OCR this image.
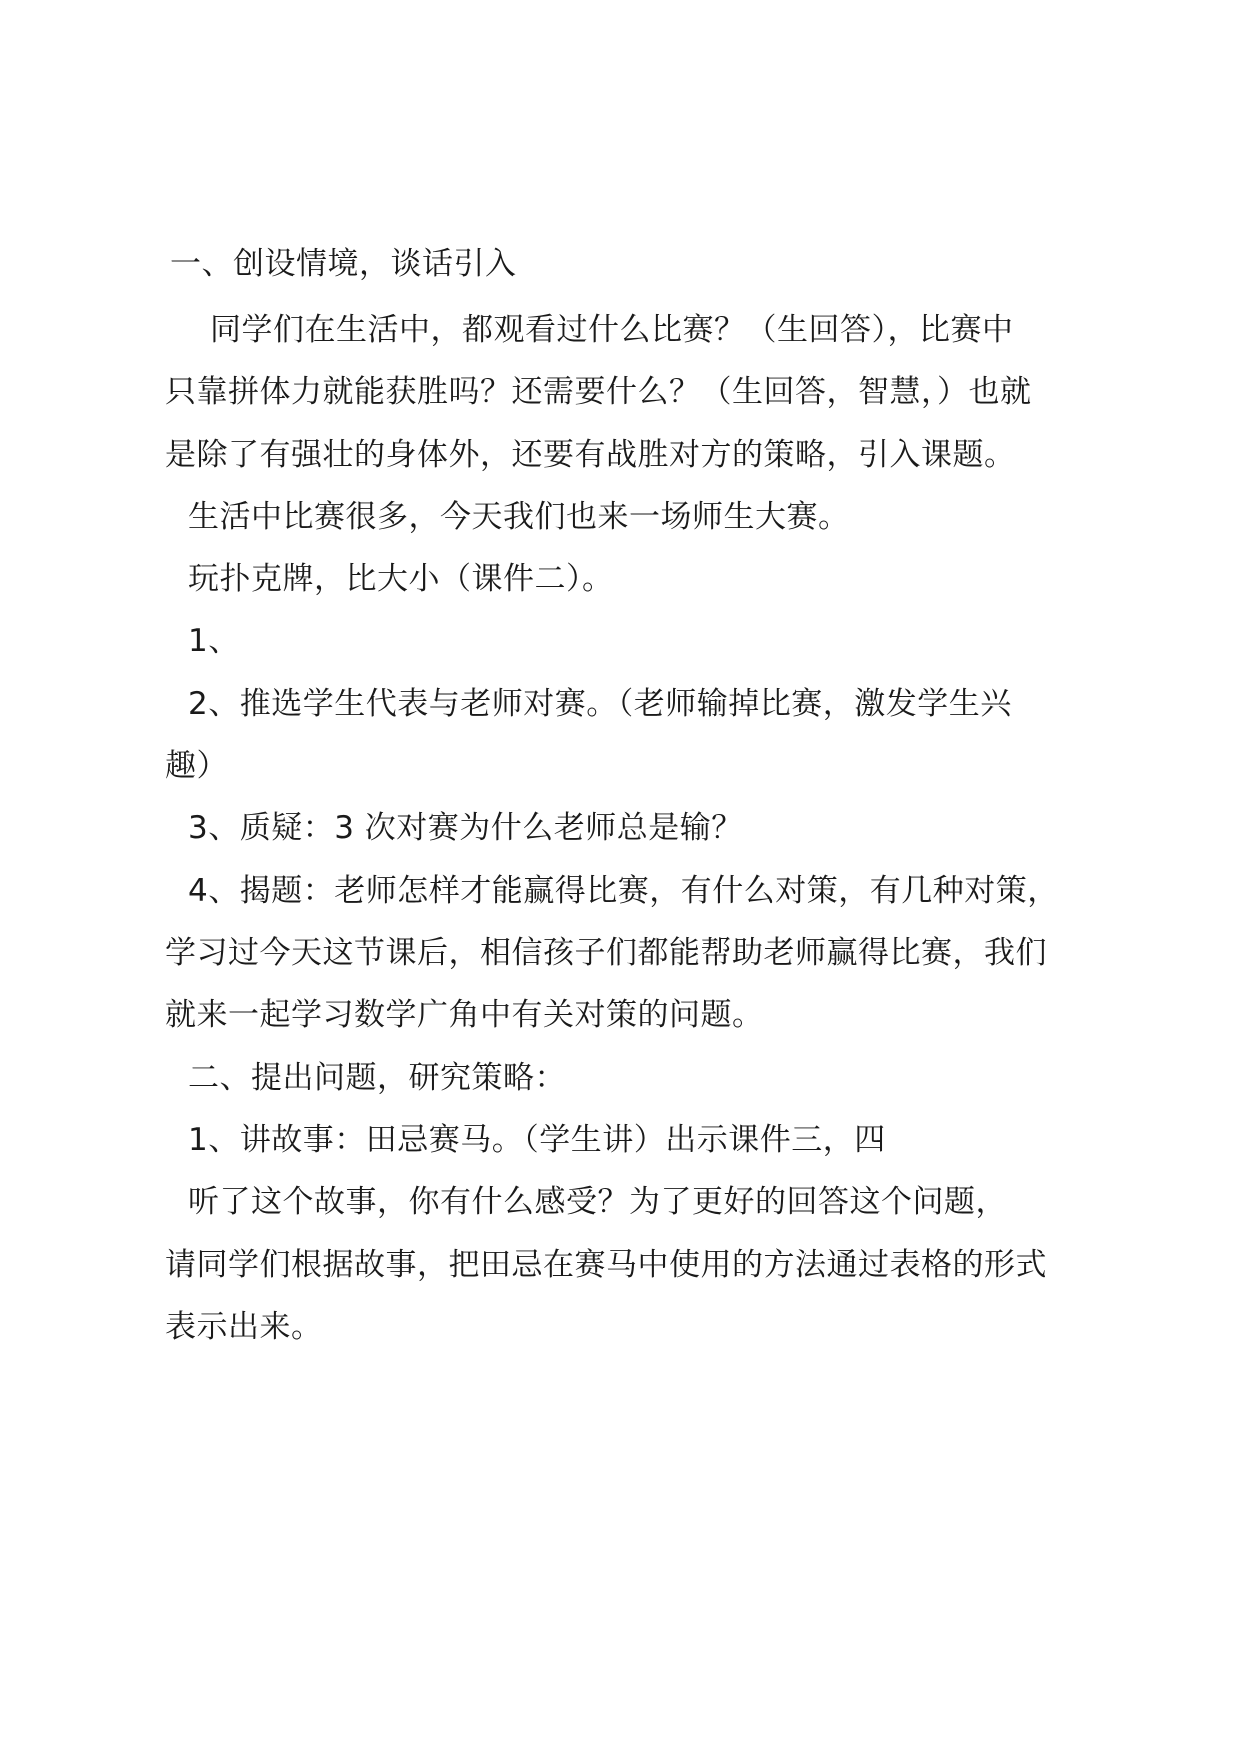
一、创设情境，谈话引入
同学们在生活中，都观看过什么比赛？（生回答），比赛中
只靠拼体力就能获胜吗？还需要什么？（生回答，智慧，）也就
是除了有强壮的身体外，还要有战胜对方的策略，引入课题。
生活中比赛很多，今天我们也来一场师生大赛。
玩扑克牌，比大小（课件二）。
1、
2、推选学生代表与老师对赛。（老师输掉比赛，激发学生兴
趣）
3、质疑：3 次对赛为什么老师总是输？
4、揭题：老师怎样才能赢得比赛，有什么对策，有几种对策，
学习过今天这节课后，相信孩子们都能帮助老师赢得比赛，我们
就来一起学习数学广角中有关对策的问题。
二、提出问题，研究策略：
1、讲故事：田忌赛马。（学生讲）出示课件三，四
听了这个故事，你有什么感受？为了更好的回答这个问题，
请同学们根据故事，把田忌在赛马中使用的方法通过表格的形式
表示出来。
